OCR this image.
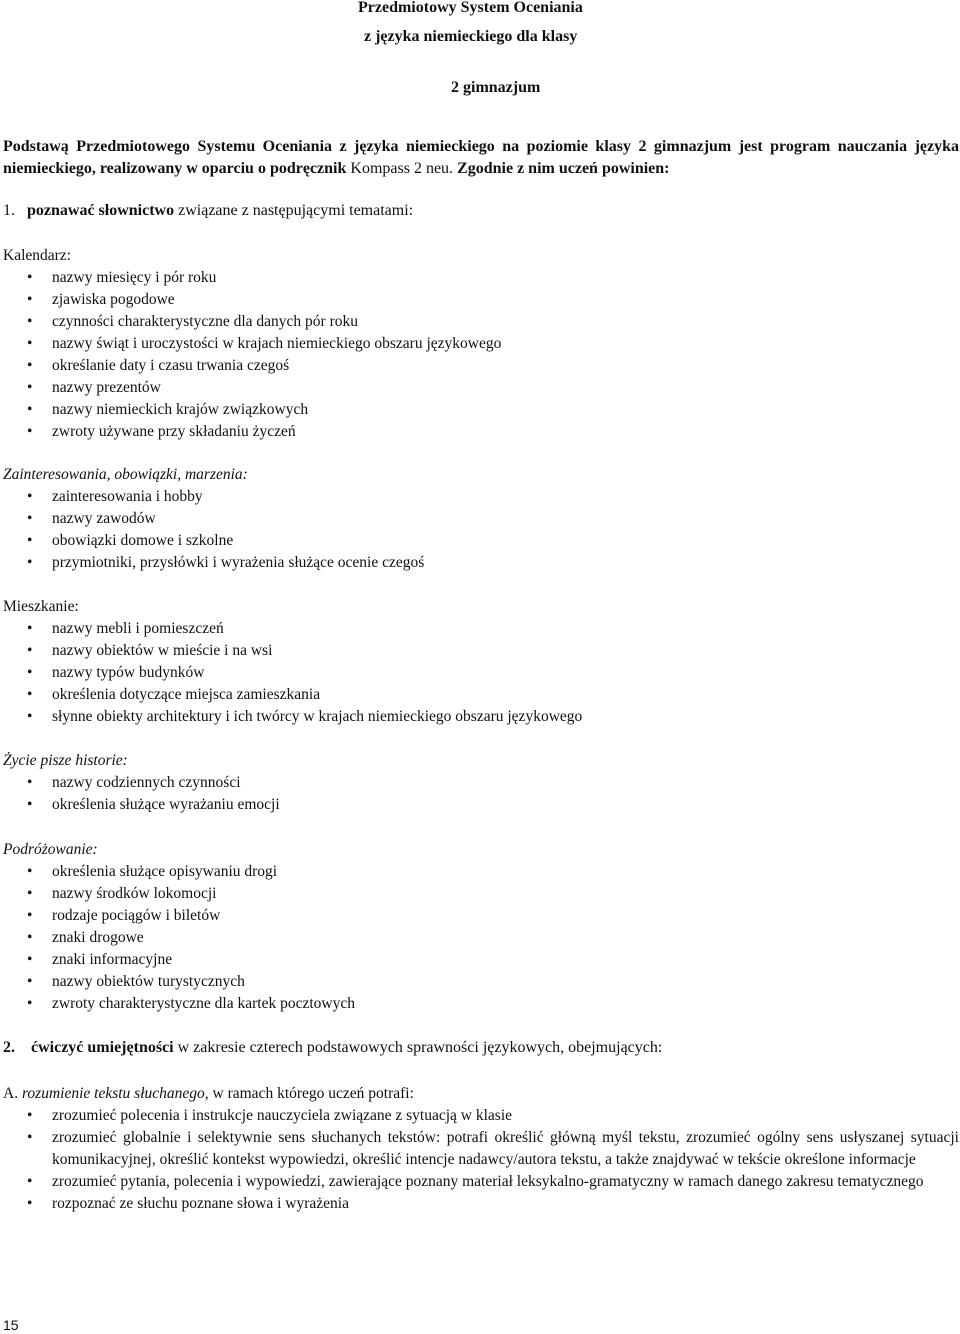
Przedmiotowy System Oceniania
z języka niemieckiego dla klasy
2 gimnazjum
Podstawą Przedmiotowego Systemu Oceniania z języka niemieckiego na poziomie klasy 2 gimnazjum jest program nauczania języka niemieckiego, realizowany w oparciu o podręcznik Kompass 2 neu. Zgodnie z nim uczeń powinien:
1. poznawać słownictwo związane z następującymi tematami:
Kalendarz:
• nazwy miesięcy i pór roku
• zjawiska pogodowe
• czynności charakterystyczne dla danych pór roku
• nazwy świąt i uroczystości w krajach niemieckiego obszaru językowego
• określanie daty i czasu trwania czegoś
• nazwy prezentów
• nazwy niemieckich krajów związkowych
• zwroty używane przy składaniu życzeń
Zainteresowania, obowiązki, marzenia:
• zainteresowania i hobby
• nazwy zawodów
• obowiązki domowe i szkolne
• przymiotniki, przysłówki i wyrażenia służące ocenie czegoś
Mieszkanie:
• nazwy mebli i pomieszczeń
• nazwy obiektów w mieście i na wsi
• nazwy typów budynków
• określenia dotyczące miejsca zamieszkania
• słynne obiekty architektury i ich twórcy w krajach niemieckiego obszaru językowego
Życie pisze historie:
• nazwy codziennych czynności
• określenia służące wyrażaniu emocji
Podróżowanie:
• określenia służące opisywaniu drogi
• nazwy środków lokomocji
• rodzaje pociągów i biletów
• znaki drogowe
• znaki informacyjne
• nazwy obiektów turystycznych
• zwroty charakterystyczne dla kartek pocztowych
2. ćwiczyć umiejętności w zakresie czterech podstawowych sprawności językowych, obejmujących:
A. rozumienie tekstu słuchanego, w ramach którego uczeń potrafi:
• zrozumieć polecenia i instrukcje nauczyciela związane z sytuacją w klasie
• zrozumieć globalnie i selektywnie sens słuchanych tekstów: potrafi określić główną myśl tekstu, zrozumieć ogólny sens usłyszanej sytuacji komunikacyjnej, określić kontekst wypowiedzi, określić intencje nadawcy/autora tekstu, a także znajdywać w tekście określone informacje
• zrozumieć pytania, polecenia i wypowiedzi, zawierające poznany materiał leksykalno-gramatyczny w ramach danego zakresu tematycznego
• rozpoznać ze słuchu poznane słowa i wyrażenia
15
